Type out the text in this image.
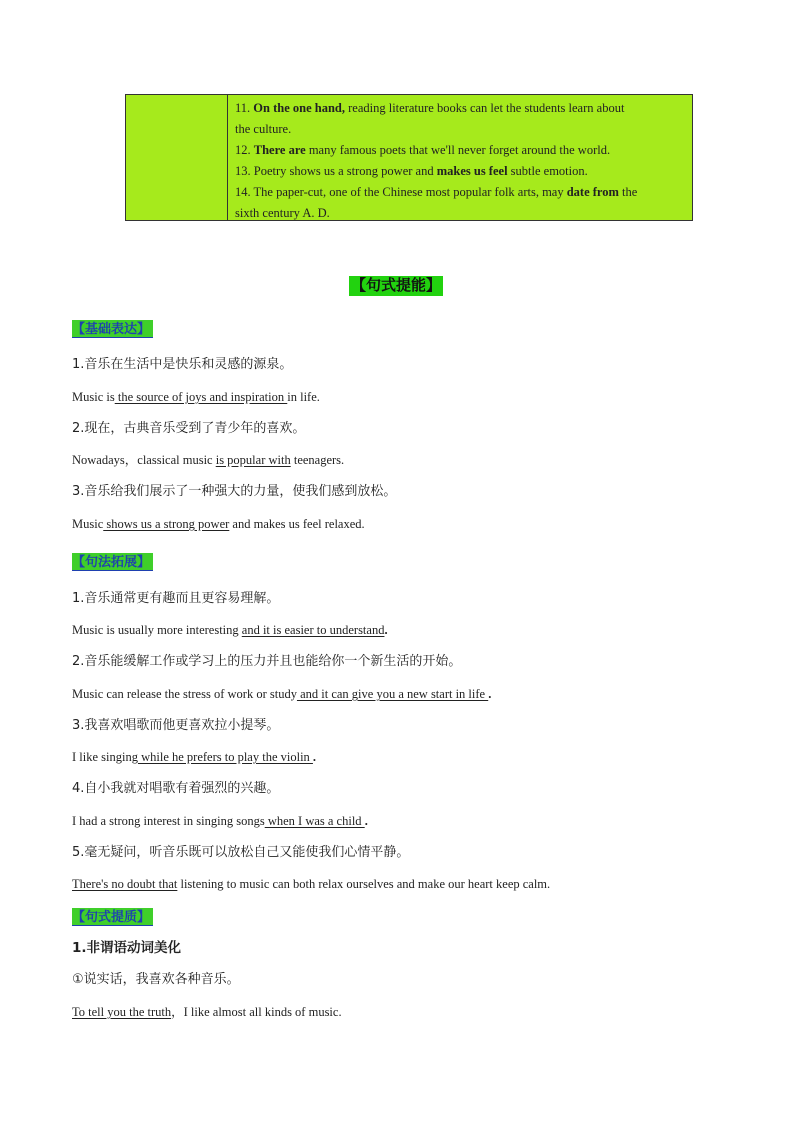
11. On the one hand, reading literature books can let the students learn about

the culture.

12. There are many famous poets that we'll never forget around the world.

13. Poetry shows us a strong power and makes us feel subtle emotion.

14. The paper-cut, one of the Chinese most popular folk arts, may date from the

sixth century A. D.

【句式提能】
【基础表达】
1.音乐在生活中是快乐和灵感的源泉。
Music is the source of joys and inspiration in life.
2.现在，古典音乐受到了青少年的喜欢。
Nowadays，classical music is popular with teenagers.
3.音乐给我们展示了一种强大的力量，使我们感到放松。
Music shows us a strong power and makes us feel relaxed.
【句法拓展】
1.音乐通常更有趣而且更容易理解。
Music is usually more interesting and it is easier to understand.
2.音乐能缓解工作或学习上的压力并且也能给你一个新生活的开始。
Music can release the stress of work or study and it can give you a new start in life .
3.我喜欢唱歌而他更喜欢拉小提琴。
I like singing while he prefers to play the violin .
4.自小我就对唱歌有着强烈的兴趣。
I had a strong interest in singing songs when I was a child .
5.毫无疑问，听音乐既可以放松自己又能使我们心情平静。
There's no doubt that listening to music can both relax ourselves and make our heart keep calm.
【句式提质】
1.非谓语动词美化
①说实话，我喜欢各种音乐。
To tell you the truth，I like almost all kinds of music.
